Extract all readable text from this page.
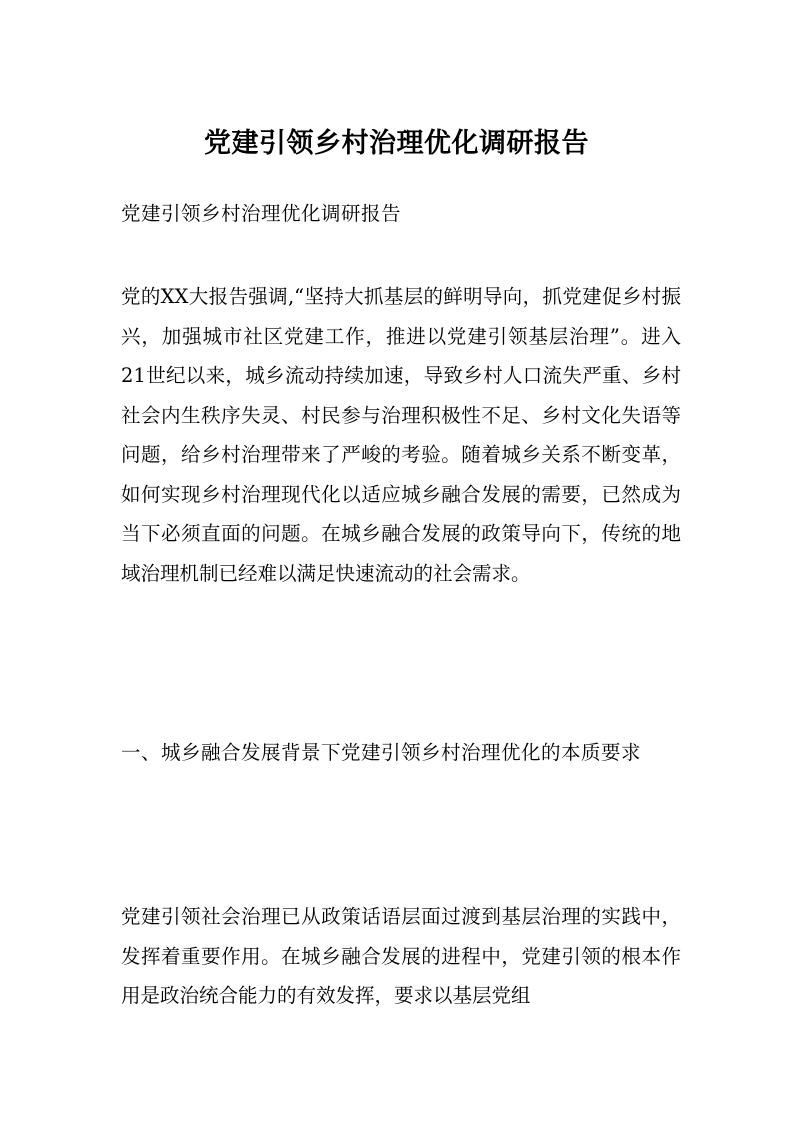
党建引领乡村治理优化调研报告

党建引领乡村治理优化调研报告

党的XX大报告强调,“坚持大抓基层的鲜明导向，抓党建促乡村振兴，加强城市社区党建工作，推进以党建引领基层治理”。进入21世纪以来，城乡流动持续加速，导致乡村人口流失严重、乡村社会内生秩序失灵、村民参与治理积极性不足、乡村文化失语等问题，给乡村治理带来了严峻的考验。随着城乡关系不断变革，如何实现乡村治理现代化以适应城乡融合发展的需要，已然成为当下必须直面的问题。在城乡融合发展的政策导向下，传统的地域治理机制已经难以满足快速流动的社会需求。

一、城乡融合发展背景下党建引领乡村治理优化的本质要求

党建引领社会治理已从政策话语层面过渡到基层治理的实践中，发挥着重要作用。在城乡融合发展的进程中，党建引领的根本作用是政治统合能力的有效发挥，要求以基层党组
